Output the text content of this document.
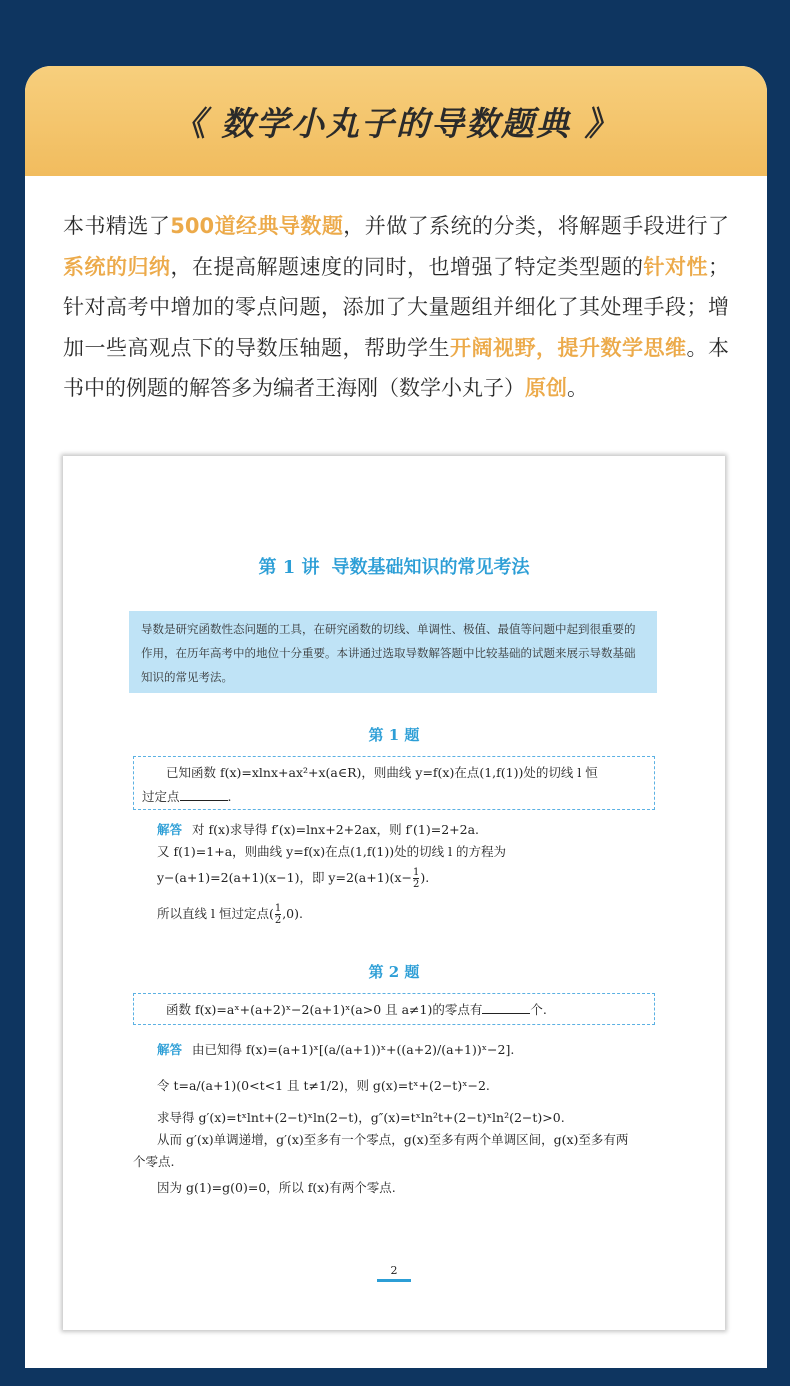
《 数学小丸子的导数题典 》
本书精选了500道经典导数题，并做了系统的分类，将解题手段进行了系统的归纳，在提高解题速度的同时，也增强了特定类型题的针对性；针对高考中增加的零点问题，添加了大量题组并细化了其处理手段；增加一些高观点下的导数压轴题，帮助学生开阔视野，提升数学思维。本书中的例题的解答多为编者王海刚（数学小丸子）原创。
第 1 讲 导数基础知识的常见考法
导数是研究函数性态问题的工具，在研究函数的切线、单调性、极值、最值等问题中起到很重要的作用，在历年高考中的地位十分重要。本讲通过选取导数解答题中比较基础的试题来展示导数基础知识的常见考法。
第 1 题
已知函数 f(x)=xlnx+ax²+x(a∈R)，则曲线 y=f(x)在点(1,f(1))处的切线 l 恒
过定点	.
解答 对 f(x)求导得 f′(x)=lnx+2+2ax，则 f′(1)=2+2a.
又 f(1)=1+a，则曲线 y=f(x)在点(1,f(1))处的切线 l 的方程为
y−(a+1)=2(a+1)(x−1)，即 $y=2(a+1)(x- \frac{1}{2}$ ).
所以直线 l 恒过定点( $\frac{1}{2} ,0$).
第 2 题
函数 f(x)=aˣ+(a+2)ˣ−2(a+1)ˣ(a>0 且 a≠1)的零点有	个.
解答 由已知得 f(x)=(a+1)ˣ[(a/(a+1))ˣ+((a+2)/(a+1))ˣ−2].
令 t=a/(a+1)(0<t<1 且 t≠1/2)，则 g(x)=tˣ+(2−t)ˣ−2.
求导得 g′(x)=tˣlnt+(2−t)ˣln(2−t)，g″(x)=tˣln²t+(2−t)ˣln²(2−t)>0.
从而 g′(x)单调递增，g′(x)至多有一个零点，g(x)至多有两个单调区间，g(x)至多有两
个零点.
因为 g(1)=g(0)=0，所以 f(x)有两个零点.
2
